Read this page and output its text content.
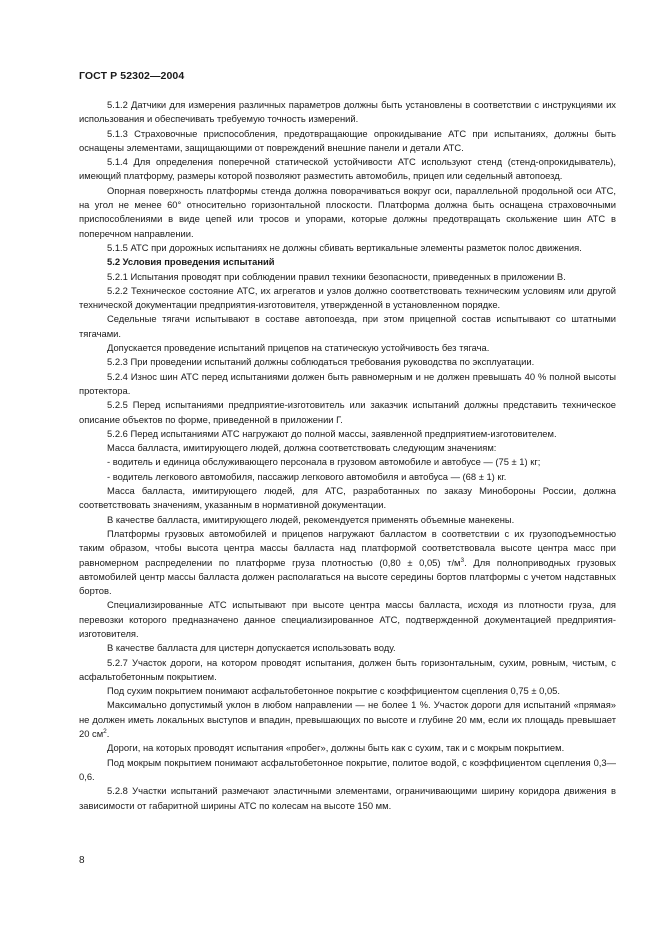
ГОСТ Р 52302—2004

5.1.2 Датчики для измерения различных параметров должны быть установлены в соответствии с инструкциями их использования и обеспечивать требуемую точность измерений.

5.1.3 Страховочные приспособления, предотвращающие опрокидывание АТС при испытаниях, должны быть оснащены элементами, защищающими от повреждений внешние панели и детали АТС.

5.1.4 Для определения поперечной статической устойчивости АТС используют стенд (стенд-опрокидыватель), имеющий платформу, размеры которой позволяют разместить автомобиль, прицеп или седельный автопоезд.

Опорная поверхность платформы стенда должна поворачиваться вокруг оси, параллельной продольной оси АТС, на угол не менее 60° относительно горизонтальной плоскости. Платформа должна быть оснащена страховочными приспособлениями в виде цепей или тросов и упорами, которые должны предотвращать скольжение шин АТС в поперечном направлении.

5.1.5 АТС при дорожных испытаниях не должны сбивать вертикальные элементы разметок полос движения.

5.2 Условия проведения испытаний

5.2.1 Испытания проводят при соблюдении правил техники безопасности, приведенных в приложении В.

5.2.2 Техническое состояние АТС, их агрегатов и узлов должно соответствовать техническим условиям или другой технической документации предприятия-изготовителя, утвержденной в установленном порядке.

Седельные тягачи испытывают в составе автопоезда, при этом прицепной состав испытывают со штатными тягачами.

Допускается проведение испытаний прицепов на статическую устойчивость без тягача.

5.2.3 При проведении испытаний должны соблюдаться требования руководства по эксплуатации.

5.2.4 Износ шин АТС перед испытаниями должен быть равномерным и не должен превышать 40 % полной высоты протектора.

5.2.5 Перед испытаниями предприятие-изготовитель или заказчик испытаний должны представить техническое описание объектов по форме, приведенной в приложении Г.

5.2.6 Перед испытаниями АТС нагружают до полной массы, заявленной предприятием-изготовителем.

Масса балласта, имитирующего людей, должна соответствовать следующим значениям:

- водитель и единица обслуживающего персонала в грузовом автомобиле и автобусе — (75 ± 1) кг;

- водитель легкового автомобиля, пассажир легкового автомобиля и автобуса — (68 ± 1) кг.

Масса балласта, имитирующего людей, для АТС, разработанных по заказу Минобороны России, должна соответствовать значениям, указанным в нормативной документации.

В качестве балласта, имитирующего людей, рекомендуется применять объемные манекены.

Платформы грузовых автомобилей и прицепов нагружают балластом в соответствии с их грузоподъемностью таким образом, чтобы высота центра массы балласта над платформой соответствовала высоте центра масс при равномерном распределении по платформе груза плотностью (0,80 ± 0,05) $т/м^3$. Для полноприводных грузовых автомобилей центр массы балласта должен располагаться на высоте середины бортов платформы с учетом надставных бортов.

Специализированные АТС испытывают при высоте центра массы балласта, исходя из плотности груза, для перевозки которого предназначено данное специализированное АТС, подтвержденной документацией предприятия-изготовителя.

В качестве балласта для цистерн допускается использовать воду.

5.2.7 Участок дороги, на котором проводят испытания, должен быть горизонтальным, сухим, ровным, чистым, с асфальтобетонным покрытием.

Под сухим покрытием понимают асфальтобетонное покрытие с коэффициентом сцепления 0,75 ± 0,05.

Максимально допустимый уклон в любом направлении — не более 1 %. Участок дороги для испытаний «прямая» не должен иметь локальных выступов и впадин, превышающих по высоте и глубине 20 мм, если их площадь превышает 20 $см^2$.

Дороги, на которых проводят испытания «пробег», должны быть как с сухим, так и с мокрым покрытием.

Под мокрым покрытием понимают асфальтобетонное покрытие, политое водой, с коэффициентом сцепления 0,3—0,6.

5.2.8 Участки испытаний размечают эластичными элементами, ограничивающими ширину коридора движения в зависимости от габаритной ширины АТС по колесам на высоте 150 мм.

8
